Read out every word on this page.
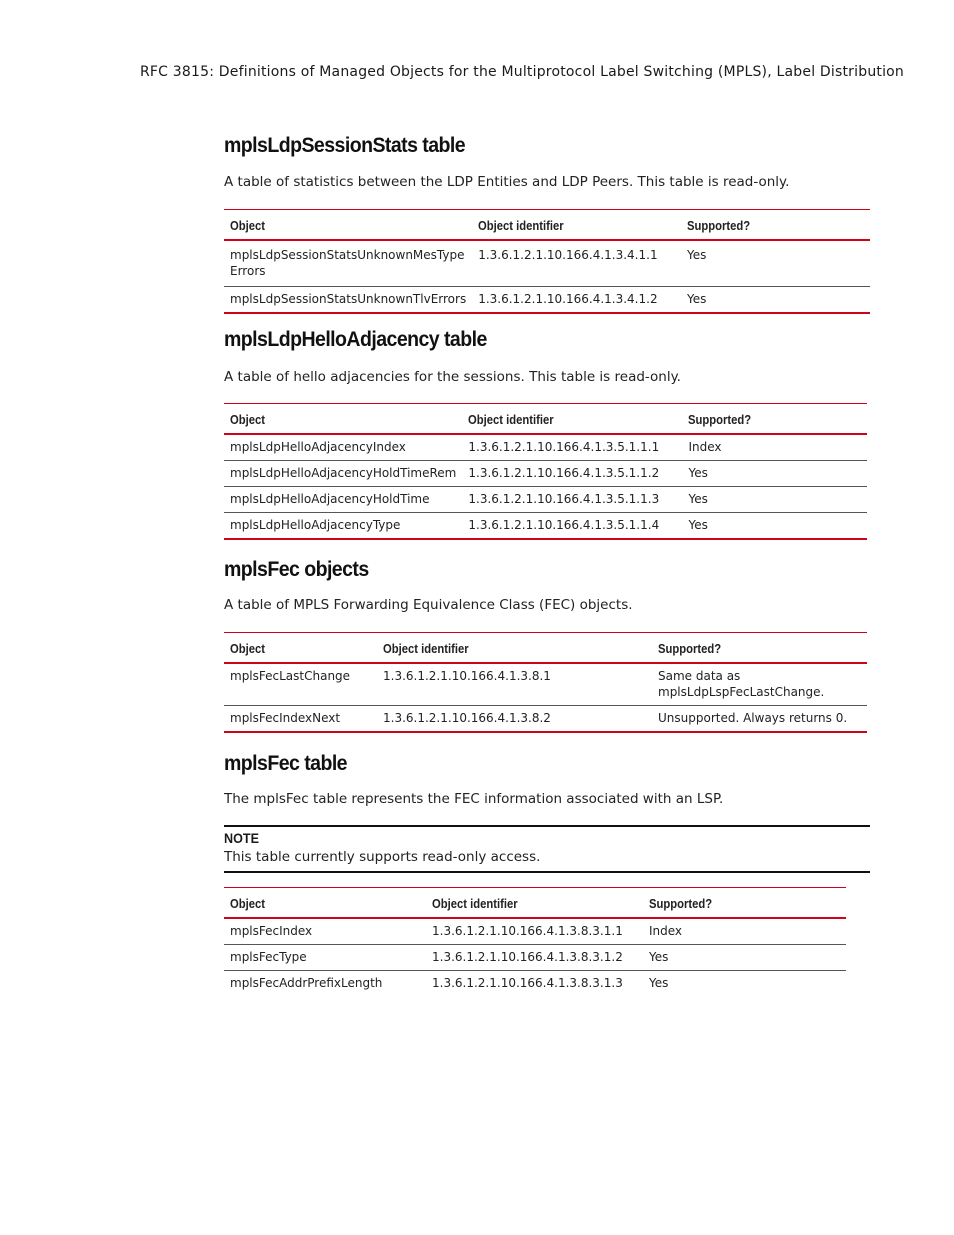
RFC 3815: Definitions of Managed Objects for the Multiprotocol Label Switching (MPLS), Label Distribution
mplsLdpSessionStats table

A table of statistics between the LDP Entities and LDP Peers. This table is read-only.

Object	Object identifier	Supported?
mplsLdpSessionStatsUnknownMesType Errors	1.3.6.1.2.1.10.166.4.1.3.4.1.1	Yes
mplsLdpSessionStatsUnknownTlvErrors	1.3.6.1.2.1.10.166.4.1.3.4.1.2	Yes
mplsLdpHelloAdjacency table

A table of hello adjacencies for the sessions. This table is read-only.

Object	Object identifier	Supported?
mplsLdpHelloAdjacencyIndex	1.3.6.1.2.1.10.166.4.1.3.5.1.1.1	Index
mplsLdpHelloAdjacencyHoldTimeRem	1.3.6.1.2.1.10.166.4.1.3.5.1.1.2	Yes
mplsLdpHelloAdjacencyHoldTime	1.3.6.1.2.1.10.166.4.1.3.5.1.1.3	Yes
mplsLdpHelloAdjacencyType	1.3.6.1.2.1.10.166.4.1.3.5.1.1.4	Yes
mplsFec objects

A table of MPLS Forwarding Equivalence Class (FEC) objects.

Object	Object identifier	Supported?
mplsFecLastChange	1.3.6.1.2.1.10.166.4.1.3.8.1	Same data as mplsLdpLspFecLastChange.
mplsFecIndexNext	1.3.6.1.2.1.10.166.4.1.3.8.2	Unsupported. Always returns 0.
mplsFec table

The mplsFec table represents the FEC information associated with an LSP.

NOTE
This table currently supports read-only access.
Object	Object identifier	Supported?
mplsFecIndex	1.3.6.1.2.1.10.166.4.1.3.8.3.1.1	Index
mplsFecType	1.3.6.1.2.1.10.166.4.1.3.8.3.1.2	Yes
mplsFecAddrPrefixLength	1.3.6.1.2.1.10.166.4.1.3.8.3.1.3	Yes
